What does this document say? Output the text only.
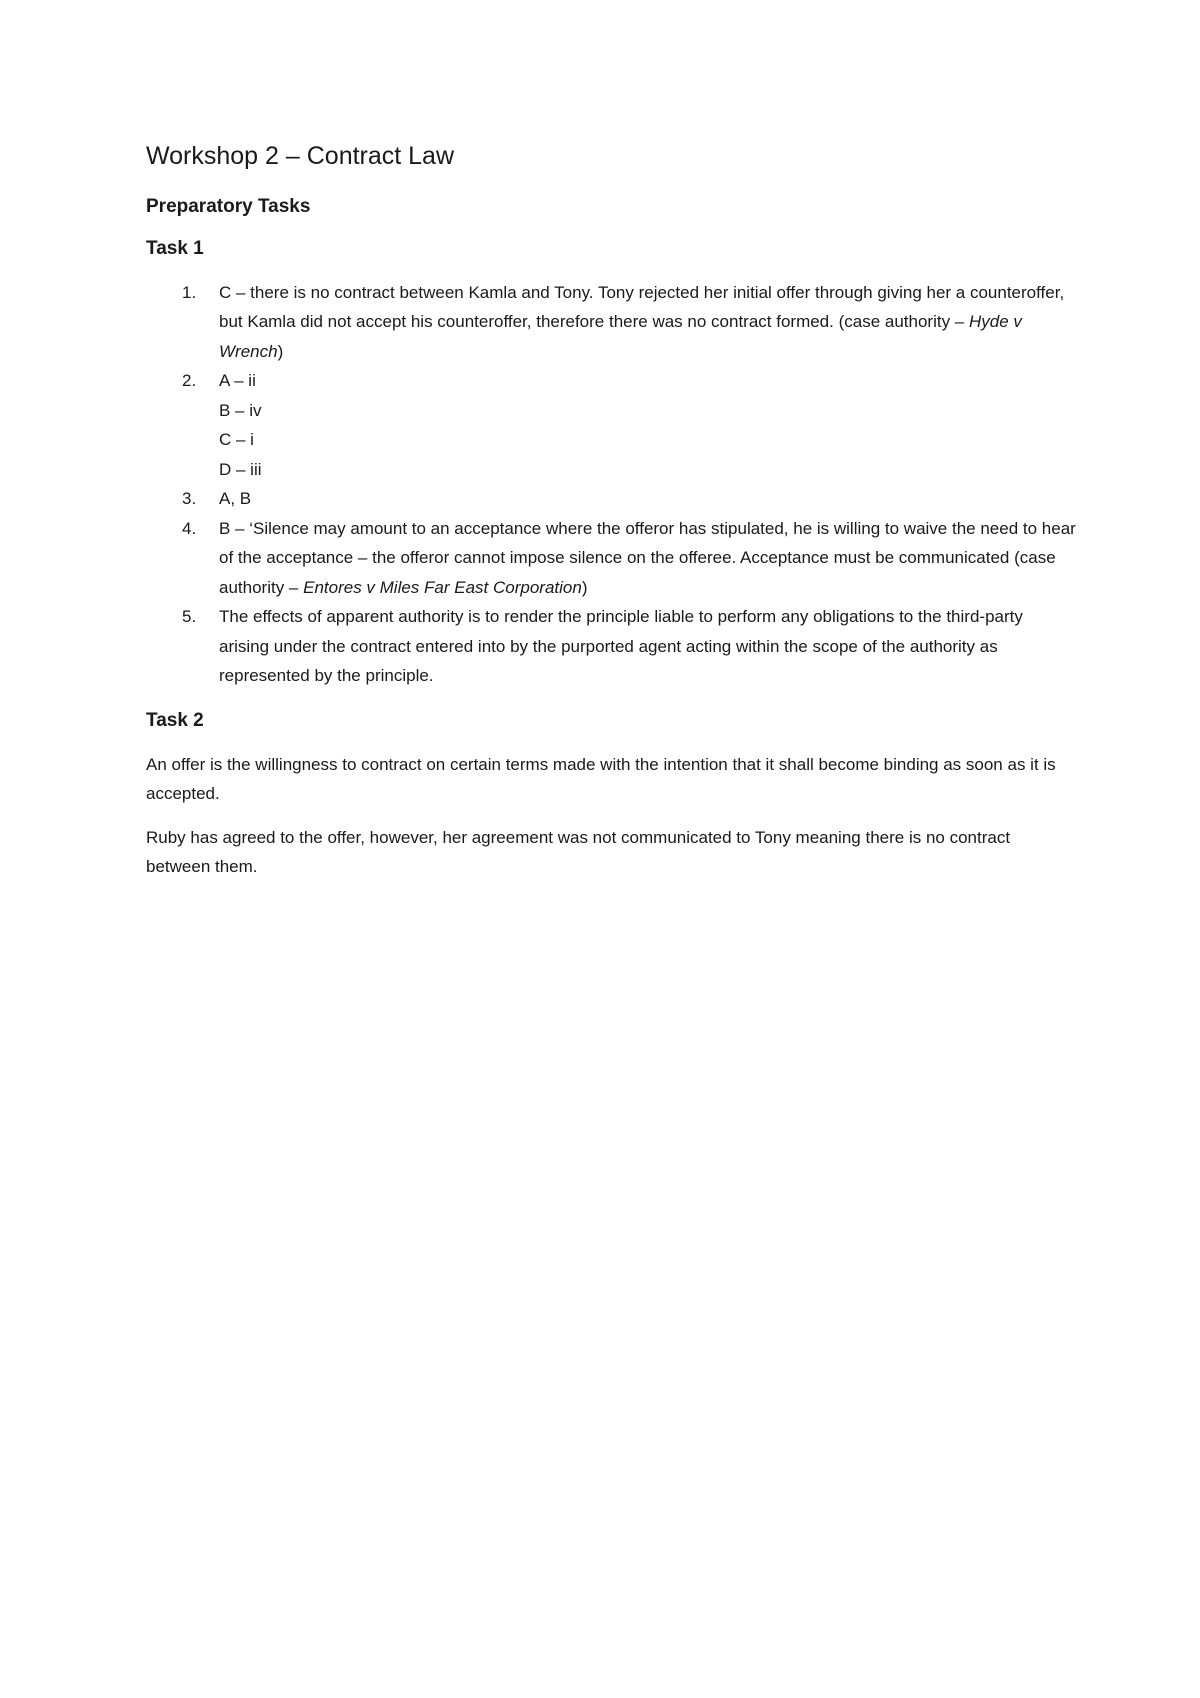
Workshop 2 – Contract Law
Preparatory Tasks
Task 1
1. C – there is no contract between Kamla and Tony. Tony rejected her initial offer through giving her a counteroffer, but Kamla did not accept his counteroffer, therefore there was no contract formed. (case authority – Hyde v Wrench)
2. A – ii
B – iv
C – i
D – iii
3. A, B
4. B – ‘Silence may amount to an acceptance where the offeror has stipulated, he is willing to waive the need to hear of the acceptance – the offeror cannot impose silence on the offeree. Acceptance must be communicated (case authority – Entores v Miles Far East Corporation)
5. The effects of apparent authority is to render the principle liable to perform any obligations to the third-party arising under the contract entered into by the purported agent acting within the scope of the authority as represented by the principle.
Task 2

An offer is the willingness to contract on certain terms made with the intention that it shall become binding as soon as it is accepted.

Ruby has agreed to the offer, however, her agreement was not communicated to Tony meaning there is no contract between them.
